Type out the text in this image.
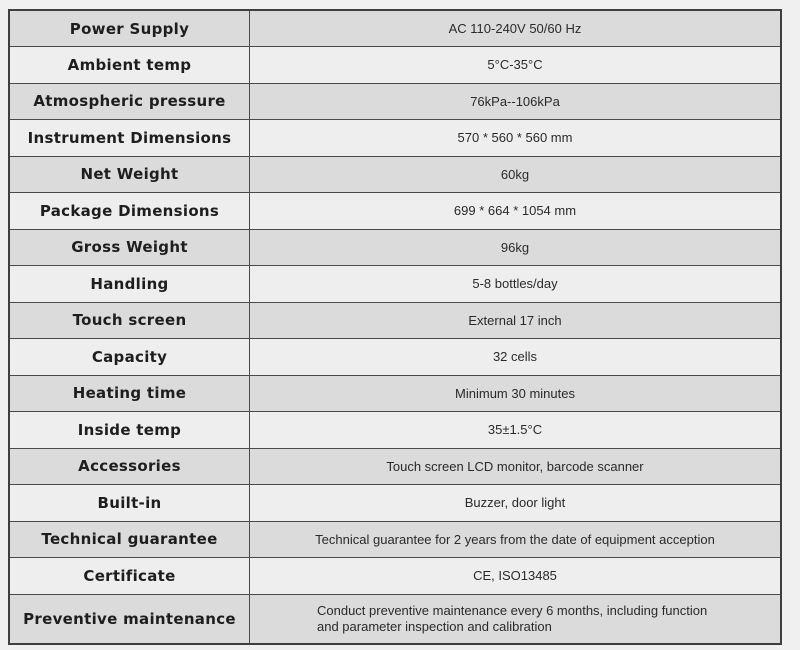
Power Supply	AC 110-240V 50/60 Hz
Ambient temp	5°C-35°C
Atmospheric pressure	76kPa--106kPa
Instrument Dimensions	570 * 560 * 560 mm
Net Weight	60kg
Package Dimensions	699 * 664 * 1054 mm
Gross Weight	96kg
Handling	5-8 bottles/day
Touch screen	External 17 inch
Capacity	32 cells
Heating time	Minimum 30 minutes
Inside temp	35±1.5°C
Accessories	Touch screen LCD monitor, barcode scanner
Built-in	Buzzer, door light
Technical guarantee	Technical guarantee for 2 years from the date of equipment acception
Certificate	CE, ISO13485
Preventive maintenance	Conduct preventive maintenance every 6 months, including function
and parameter inspection and calibration
